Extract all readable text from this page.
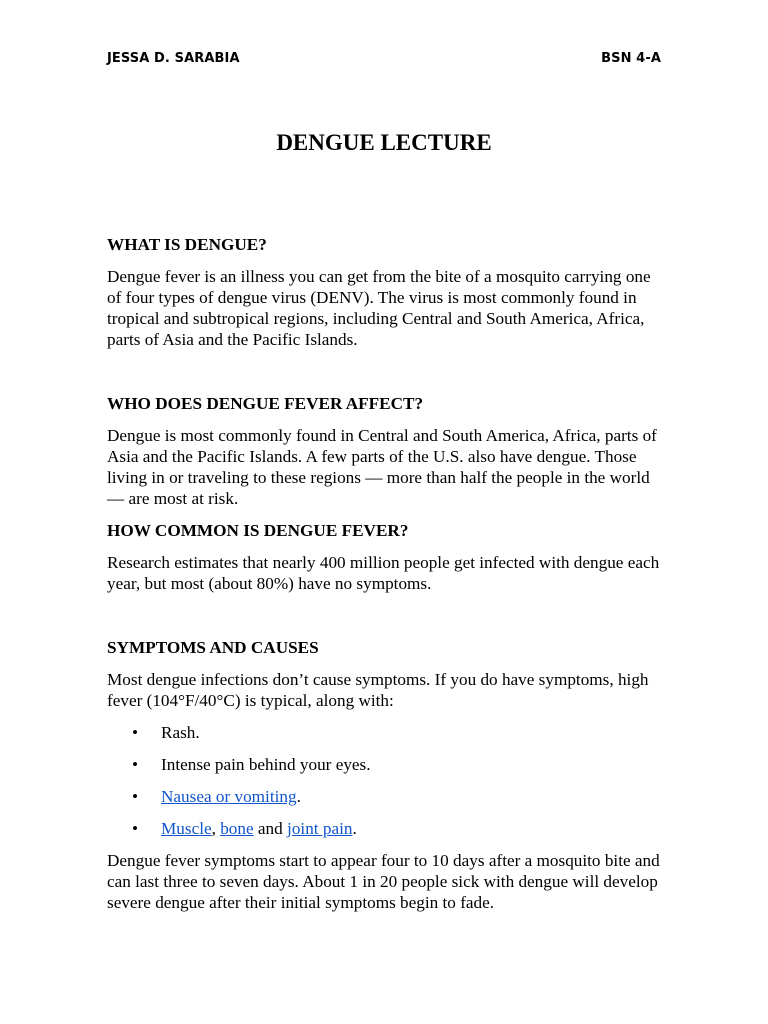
JESSA D. SARABIA	BSN 4-A
DENGUE LECTURE
WHAT IS DENGUE?

Dengue fever is an illness you can get from the bite of a mosquito carrying one of four types of dengue virus (DENV). The virus is most commonly found in tropical and subtropical regions, including Central and South America, Africa, parts of Asia and the Pacific Islands.

WHO DOES DENGUE FEVER AFFECT?

Dengue is most commonly found in Central and South America, Africa, parts of Asia and the Pacific Islands. A few parts of the U.S. also have dengue. Those living in or traveling to these regions — more than half the people in the world — are most at risk.

HOW COMMON IS DENGUE FEVER?

Research estimates that nearly 400 million people get infected with dengue each year, but most (about 80%) have no symptoms.

SYMPTOMS AND CAUSES

Most dengue infections don’t cause symptoms. If you do have symptoms, high fever (104°F/40°C) is typical, along with:

• Rash.
• Intense pain behind your eyes.
• Nausea or vomiting.
• Muscle, bone and joint pain.

Dengue fever symptoms start to appear four to 10 days after a mosquito bite and can last three to seven days. About 1 in 20 people sick with dengue will develop severe dengue after their initial symptoms begin to fade.
